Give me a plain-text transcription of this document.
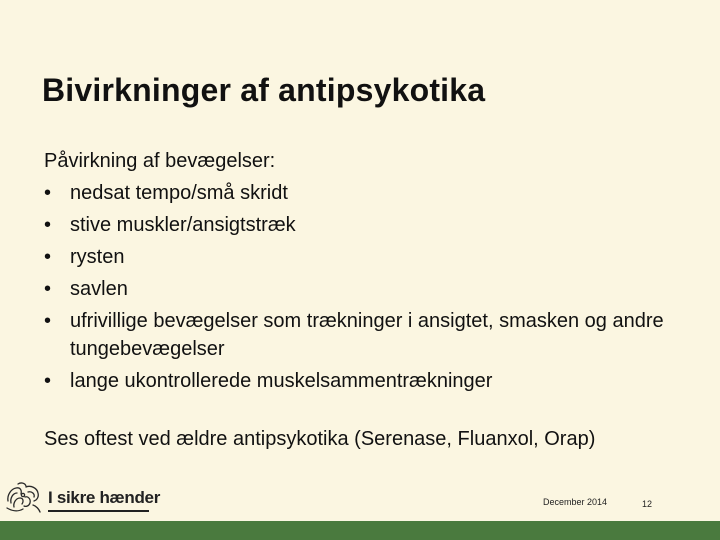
Bivirkninger af antipsykotika

Påvirkning af bevægelser:

• nedsat tempo/små skridt
• stive muskler/ansigtstræk
• rysten
• savlen
• ufrivillige bevægelser som trækninger i ansigtet, smasken og andre tungebevægelser
• lange ukontrollerede muskelsammentrækninger

Ses oftest ved ældre antipsykotika (Serenase, Fluanxol, Orap)

I sikre hænder	December 2014	12
